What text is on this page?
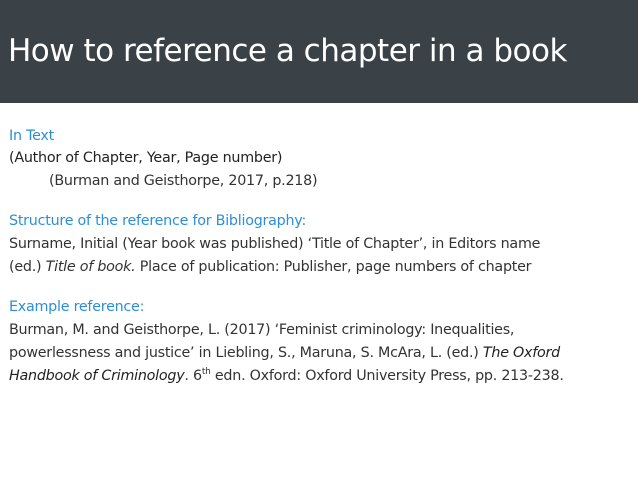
How to reference a chapter in a book
In Text
(Author of Chapter, Year, Page number)
(Burman and Geisthorpe, 2017, p.218)
Structure of the reference for Bibliography:
Surname, Initial (Year book was published) ‘Title of Chapter’, in Editors name
(ed.) Title of book. Place of publication: Publisher, page numbers of chapter
Example reference:
Burman, M. and Geisthorpe, L. (2017) ‘Feminist criminology: Inequalities,
powerlessness and justice’ in Liebling, S., Maruna, S. McAra, L. (ed.) The Oxford
Handbook of Criminology. 6th edn. Oxford: Oxford University Press, pp. 213-238.
